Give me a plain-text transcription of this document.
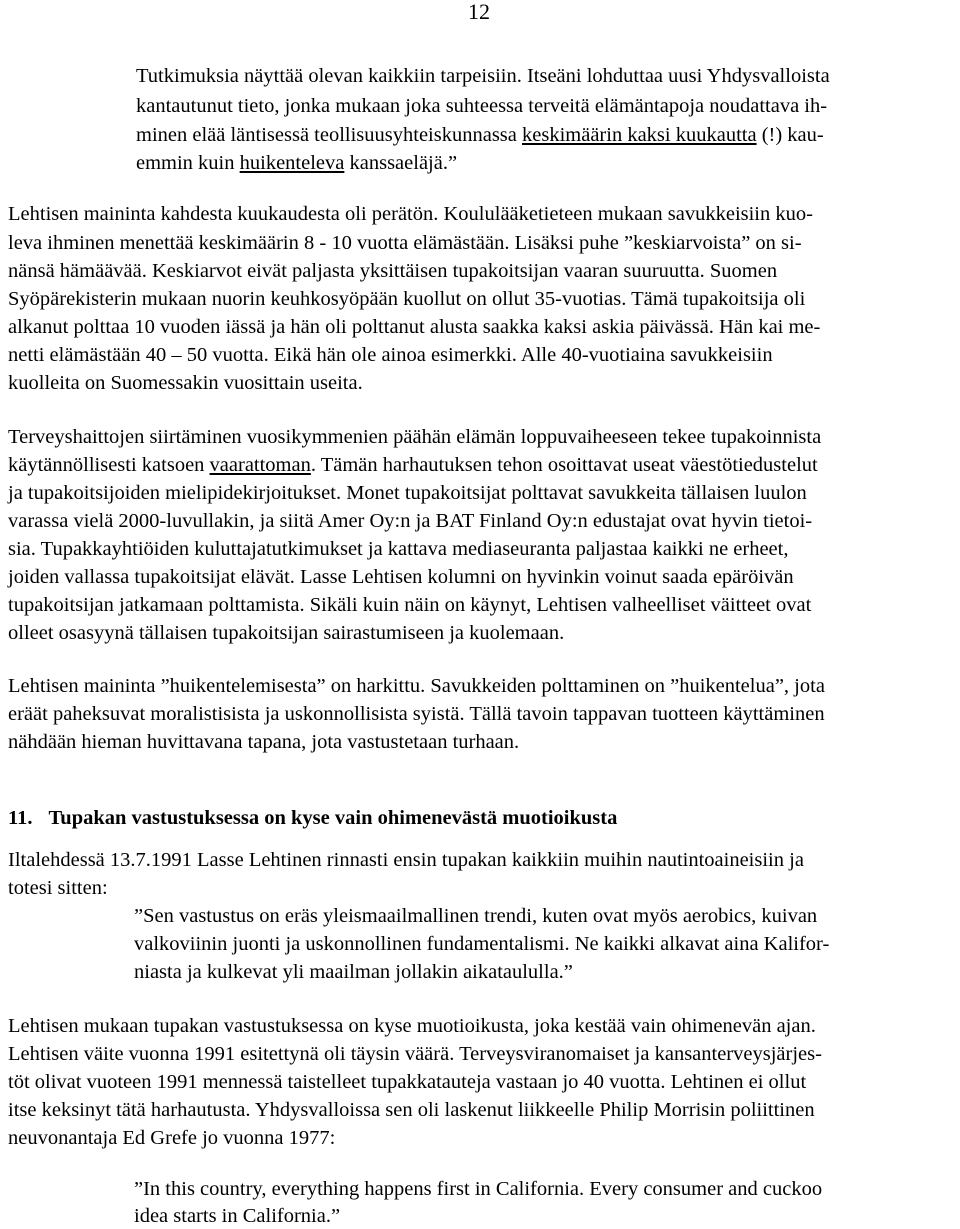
12
Tutkimuksia näyttää olevan kaikkiin tarpeisiin. Itseäni lohduttaa uusi Yhdysvalloista
kantautunut tieto, jonka mukaan joka suhteessa terveitä elämäntapoja noudattava ih-
minen elää läntisessä teollisuusyhteiskunnassa keskimäärin kaksi kuukautta (!) kau-
emmin kuin huikenteleva kanssaeläjä.”
Lehtisen maininta kahdesta kuukaudesta oli perätön. Koululääketieteen mukaan savukkeisiin kuo-
leva ihminen menettää keskimäärin 8 - 10 vuotta elämästään. Lisäksi puhe ”keskiarvoista” on si-
nänsä hämäävää. Keskiarvot eivät paljasta yksittäisen tupakoitsijan vaaran suuruutta. Suomen
Syöpärekisterin mukaan nuorin keuhkosyöpään kuollut on ollut 35-vuotias. Tämä tupakoitsija oli
alkanut polttaa 10 vuoden iässä ja hän oli polttanut alusta saakka kaksi askia päivässä. Hän kai me-
netti elämästään 40 – 50 vuotta. Eikä hän ole ainoa esimerkki. Alle 40-vuotiaina savukkeisiin
kuolleita on Suomessakin vuosittain useita.
Terveyshaittojen siirtäminen vuosikymmenien päähän elämän loppuvaiheeseen tekee tupakoinnista
käytännöllisesti katsoen vaarattoman. Tämän harhautuksen tehon osoittavat useat väestötiedustelut
ja tupakoitsijoiden mielipidekirjoitukset. Monet tupakoitsijat polttavat savukkeita tällaisen luulon
varassa vielä 2000-luvullakin, ja siitä Amer Oy:n ja BAT Finland Oy:n edustajat ovat hyvin tietoi-
sia. Tupakkayhtiöiden kuluttajatutkimukset ja kattava mediaseuranta paljastaa kaikki ne erheet,
joiden vallassa tupakoitsijat elävät. Lasse Lehtisen kolumni on hyvinkin voinut saada epäröivän
tupakoitsijan jatkamaan polttamista. Sikäli kuin näin on käynyt, Lehtisen valheelliset väitteet ovat
olleet osasyynä tällaisen tupakoitsijan sairastumiseen ja kuolemaan.
Lehtisen maininta ”huikentelemisesta” on harkittu. Savukkeiden polttaminen on ”huikentelua”, jota
eräät paheksuvat moralistisista ja uskonnollisista syistä. Tällä tavoin tappavan tuotteen käyttäminen
nähdään hieman huvittavana tapana, jota vastustetaan turhaan.
11. Tupakan vastustuksessa on kyse vain ohimenevästä muotioikusta
Iltalehdessä 13.7.1991 Lasse Lehtinen rinnasti ensin tupakan kaikkiin muihin nautintoaineisiin ja
totesi sitten:
”Sen vastustus on eräs yleismaailmallinen trendi, kuten ovat myös aerobics, kuivan
valkoviinin juonti ja uskonnollinen fundamentalismi. Ne kaikki alkavat aina Kalifor-
niasta ja kulkevat yli maailman jollakin aikataululla.”
Lehtisen mukaan tupakan vastustuksessa on kyse muotioikusta, joka kestää vain ohimenevän ajan.
Lehtisen väite vuonna 1991 esitettynä oli täysin väärä. Terveysviranomaiset ja kansanterveysjärjes-
töt olivat vuoteen 1991 mennessä taistelleet tupakkatauteja vastaan jo 40 vuotta. Lehtinen ei ollut
itse keksinyt tätä harhautusta. Yhdysvalloissa sen oli laskenut liikkeelle Philip Morrisin poliittinen
neuvonantaja Ed Grefe jo vuonna 1977:
”In this country, everything happens first in California. Every consumer and cuckoo
idea starts in California.”
